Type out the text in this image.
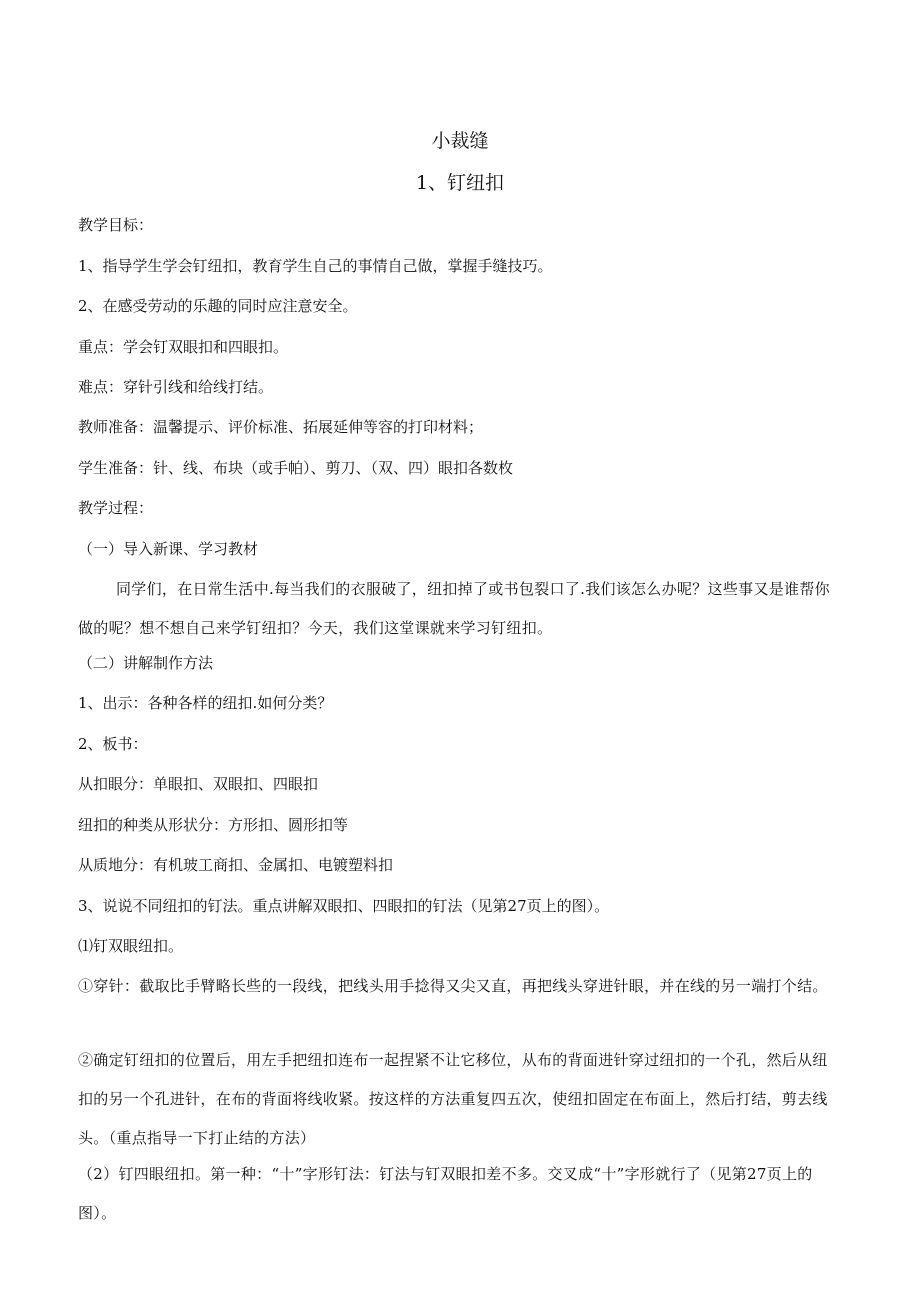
小裁缝
1、钉纽扣
教学目标：
1、指导学生学会钉纽扣，教育学生自己的事情自己做，掌握手缝技巧。
2、在感受劳动的乐趣的同时应注意安全。
重点：学会钉双眼扣和四眼扣。
难点：穿针引线和给线打结。
教师准备：温馨提示、评价标准、拓展延伸等容的打印材料；
学生准备：针、线、布块（或手帕）、剪刀、（双、四）眼扣各数枚
教学过程：
（一）导入新课、学习教材
同学们，在日常生活中.每当我们的衣服破了，纽扣掉了或书包裂口了.我们该怎么办呢？这些事又是谁帮你做的呢？想不想自己来学钉纽扣？今天，我们这堂课就来学习钉纽扣。
（二）讲解制作方法
1、出示：各种各样的纽扣.如何分类？
2、板书：
从扣眼分：单眼扣、双眼扣、四眼扣
纽扣的种类从形状分：方形扣、圆形扣等
从质地分：有机玻工商扣、金属扣、电镀塑料扣
3、说说不同纽扣的钉法。重点讲解双眼扣、四眼扣的钉法（见第27页上的图）。
⑴钉双眼纽扣。
①穿针：截取比手臂略长些的一段线，把线头用手捻得又尖又直，再把线头穿进针眼，并在线的另一端打个结。
②确定钉纽扣的位置后，用左手把纽扣连布一起捏紧不让它移位，从布的背面进针穿过纽扣的一个孔，然后从纽扣的另一个孔进针，在布的背面将线收紧。按这样的方法重复四五次，使纽扣固定在布面上，然后打结，剪去线头。（重点指导一下打止结的方法）
（2）钉四眼纽扣。第一种：“十”字形钉法：钉法与钉双眼扣差不多。交叉成“十”字形就行了（见第27页上的图）。
